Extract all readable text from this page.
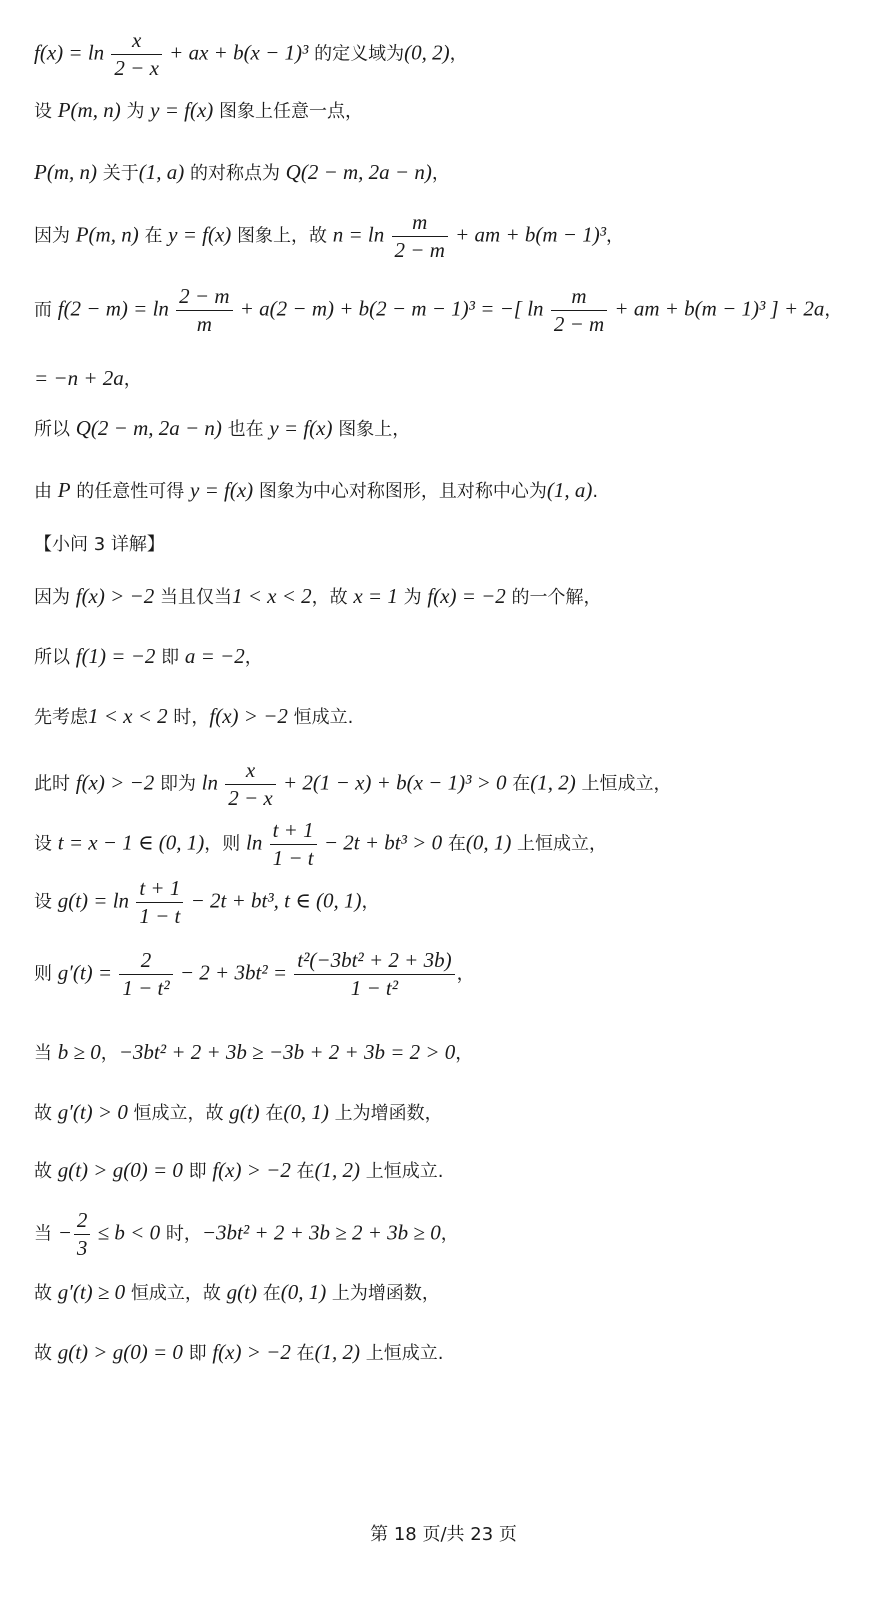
$f(x) = \ln \frac{x}{2 - x}$ + ax + b(x − 1)³ 的定义域为(0, 2)，
设 P(m, n) 为 y = f(x) 图象上任意一点，
P(m, n) 关于(1, a) 的对称点为 Q(2 − m, 2a − n)，
因为 P(m, n) 在 y = f(x) 图象上，故 $n = \ln \frac{m}{2 - m}$ + am + b(m − 1)³，
而 $f(2 - m) = \ln \frac{2 - m}{m} + a(2 - m) + b(2 - m - 1)^3$ = −[ $\ln \frac{m}{2 - m}$ + am + b(m − 1)³ ] + 2a，
= −n + 2a，
所以 Q(2 − m, 2a − n) 也在 y = f(x) 图象上，
由 P 的任意性可得 y = f(x) 图象为中心对称图形，且对称中心为(1, a).
【小问 3 详解】
因为 f(x) > −2 当且仅当1 < x < 2，故 x = 1 为 f(x) = −2 的一个解，
所以 f(1) = −2 即 a = −2，
先考虑1 < x < 2 时，f(x) > −2 恒成立.
此时 f(x) > −2 即为 $\ln \frac{x}{2 - x} + 2(1 - x) + b(x - 1)^3 > 0$ 在(1, 2) 上恒成立，
设 t = x − 1 ∈ (0, 1)，则 $\ln \frac{t + 1}{1 - t} - 2t + bt^3 > 0$ 在(0, 1) 上恒成立，
设 $g(t) = \ln \frac{t + 1}{1 - t} - 2t + bt^3$, t ∈ (0, 1)，
则 $g'(t) = \frac{2}{\text{1 − t²}} - 2 + 3bt^2 = \frac{\text{t²(−3bt² + 2 + 3b)}}{\text{1 − t²}}$ ，
当 b ≥ 0，−3bt² + 2 + 3b ≥ −3b + 2 + 3b = 2 > 0，
故 g′(t) > 0 恒成立，故 g(t) 在(0, 1) 上为增函数，
故 g(t) > g(0) = 0 即 f(x) > −2 在(1, 2) 上恒成立.
当 − $\frac{2}{3} \le b < 0$ 时，−3bt² + 2 + 3b ≥ 2 + 3b ≥ 0，
故 g′(t) ≥ 0 恒成立，故 g(t) 在(0, 1) 上为增函数，
故 g(t) > g(0) = 0 即 f(x) > −2 在(1, 2) 上恒成立.
第 18 页/共 23 页
